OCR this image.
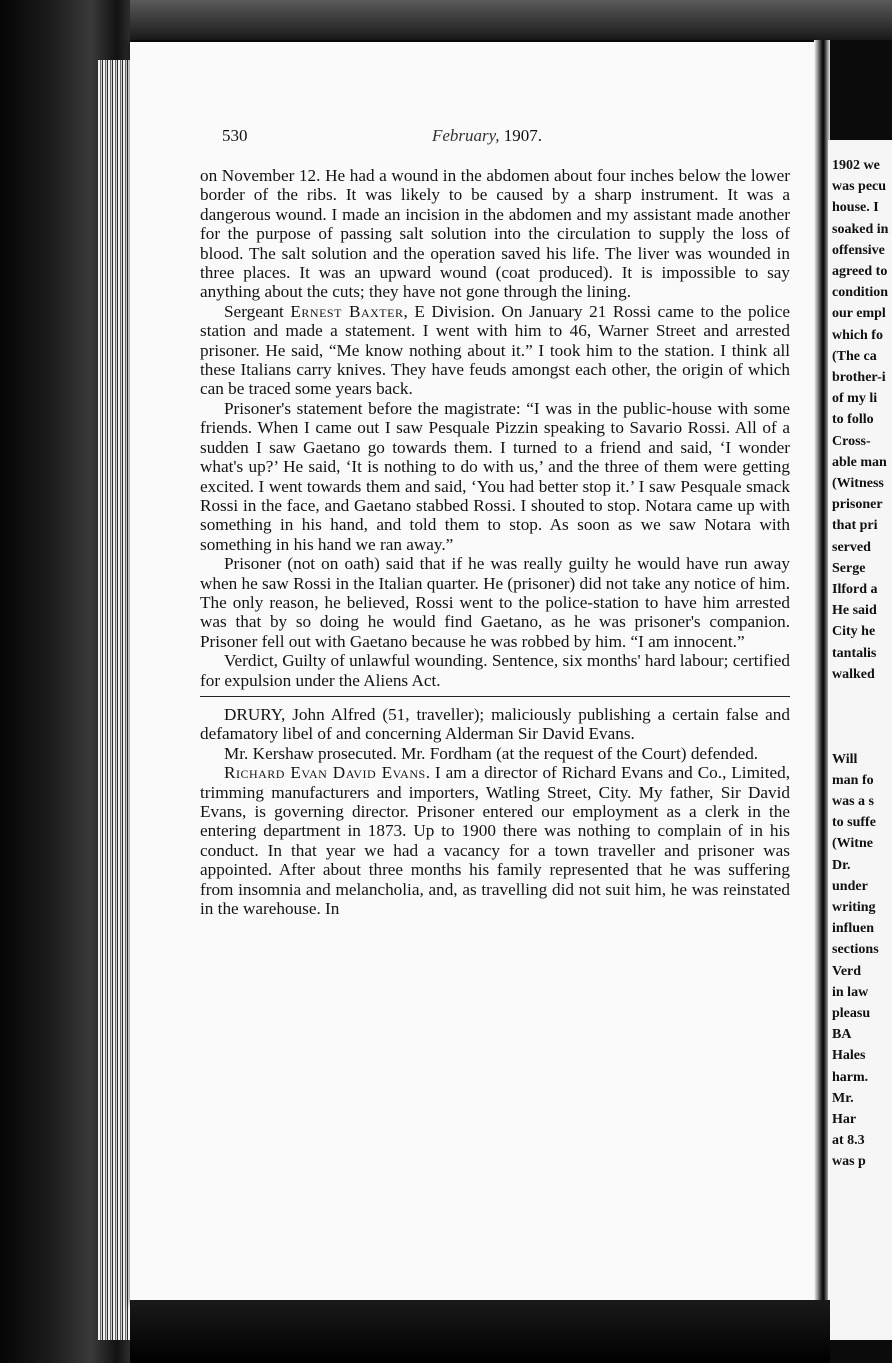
1902 we
was pecu
house. I
soaked in
offensive
agreed to
condition
our empl
which fo
(The ca
brother-i
of my li
to follo
Cross-
able man
(Witness
prisoner
that pri
served
Serge
Ilford a
He said
City he
tantalis
walked
Will
man fo
was a s
to suffe
(Witne
Dr.
under
writing
influen
sections
Verd
in law
pleasu
BA
Hales
harm.
Mr.
Har
at 8.3
was p
530	February, 1907.

on November 12. He had a wound in the abdomen about four inches below the lower border of the ribs. It was likely to be caused by a sharp instrument. It was a dangerous wound. I made an incision in the abdomen and my assistant made another for the purpose of passing salt solution into the circulation to supply the loss of blood. The salt solution and the operation saved his life. The liver was wounded in three places. It was an upward wound (coat produced). It is impossible to say anything about the cuts; they have not gone through the lining.

Sergeant Ernest Baxter, E Division. On January 21 Rossi came to the police station and made a statement. I went with him to 46, Warner Street and arrested prisoner. He said, “Me know nothing about it.” I took him to the station. I think all these Italians carry knives. They have feuds amongst each other, the origin of which can be traced some years back.

Prisoner's statement before the magistrate: “I was in the public-house with some friends. When I came out I saw Pesquale Pizzin speaking to Savario Rossi. All of a sudden I saw Gaetano go towards them. I turned to a friend and said, ‘I wonder what's up?’ He said, ‘It is nothing to do with us,’ and the three of them were getting excited. I went towards them and said, ‘You had better stop it.’ I saw Pesquale smack Rossi in the face, and Gaetano stabbed Rossi. I shouted to stop. Notara came up with something in his hand, and told them to stop. As soon as we saw Notara with something in his hand we ran away.”

Prisoner (not on oath) said that if he was really guilty he would have run away when he saw Rossi in the Italian quarter. He (prisoner) did not take any notice of him. The only reason, he believed, Rossi went to the police-station to have him arrested was that by so doing he would find Gaetano, as he was prisoner's companion. Prisoner fell out with Gaetano because he was robbed by him. “I am innocent.”

Verdict, Guilty of unlawful wounding. Sentence, six months' hard labour; certified for expulsion under the Aliens Act.

DRURY, John Alfred (51, traveller); maliciously publishing a certain false and defamatory libel of and concerning Alderman Sir David Evans.

Mr. Kershaw prosecuted. Mr. Fordham (at the request of the Court) defended.

Richard Evan David Evans. I am a director of Richard Evans and Co., Limited, trimming manufacturers and importers, Watling Street, City. My father, Sir David Evans, is governing director. Prisoner entered our employment as a clerk in the entering department in 1873. Up to 1900 there was nothing to complain of in his conduct. In that year we had a vacancy for a town traveller and prisoner was appointed. After about three months his family represented that he was suffering from insomnia and melancholia, and, as travelling did not suit him, he was reinstated in the warehouse. In
